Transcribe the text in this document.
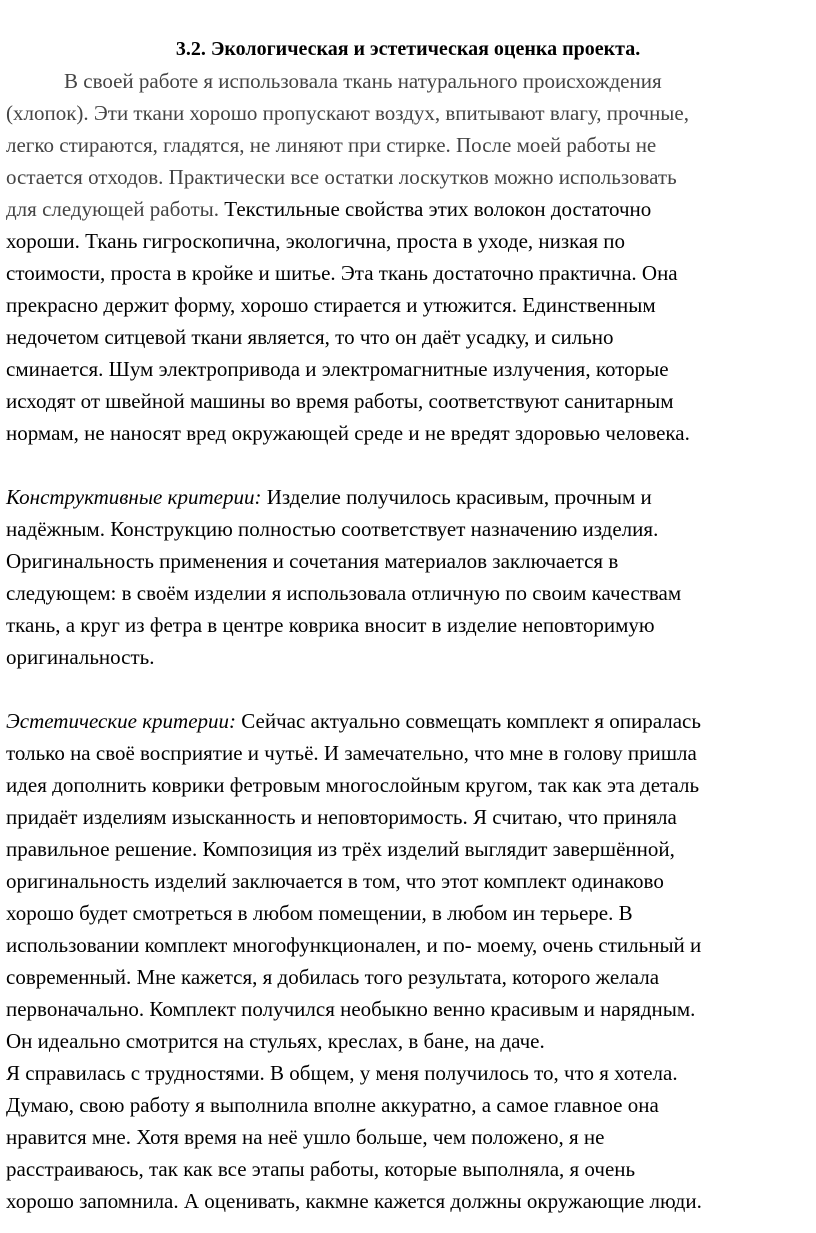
3.2. Экологическая и эстетическая оценка проекта.
В своей работе я использовала ткань натурального происхождения
(хлопок). Эти ткани хорошо пропускают воздух, впитывают влагу, прочные,
легко стираются, гладятся, не линяют при стирке. После моей работы не
остается отходов. Практически все остатки лоскутков можно использовать
для следующей работы. Текстильные свойства этих волокон достаточно
хороши. Ткань гигроскопична, экологична, проста в уходе, низкая по
стоимости, проста в кройке и шитье. Эта ткань достаточно практична. Она
прекрасно держит форму, хорошо стирается и утюжится. Единственным
недочетом ситцевой ткани является, то что он даёт усадку, и сильно
сминается. Шум электропривода и электромагнитные излучения, которые
исходят от швейной машины во время работы, соответствуют санитарным
нормам, не наносят вред окружающей среде и не вредят здоровью человека.
Конструктивные критерии: Изделие получилось красивым, прочным и
надёжным. Конструкцию полностью соответствует назначению изделия.
Оригинальность применения и сочетания материалов заключается в
следующем: в своём изделии я использовала отличную по своим качествам
ткань, а круг из фетра в центре коврика вносит в изделие неповторимую
оригинальность.
Эстетические критерии: Сейчас актуально совмещать комплект я опиралась
только на своё восприятие и чутьё. И замечательно, что мне в голову пришла
идея дополнить коврики фетровым многослойным кругом, так как эта деталь
придаёт изделиям изысканность и неповторимость. Я считаю, что приняла
правильное решение. Композиция из трёх изделий выглядит завершённой,
оригинальность изделий заключается в том, что этот комплект одинаково
хорошо будет смотреться в любом помещении, в любом ин терьере. В
использовании комплект многофункционален, и по- моему, очень стильный и
современный. Мне кажется, я добилась того результата, которого желала
первоначально. Комплект получился необыкно венно красивым и нарядным.
Он идеально смотрится на стульях, креслах, в бане, на даче.
Я справилась с трудностями. В общем, у меня получилось то, что я хотела.
Думаю, свою работу я выполнила вполне аккуратно, а самое главное она
нравится мне. Хотя время на неё ушло больше, чем положено, я не
расстраиваюсь, так как все этапы работы, которые выполняла, я очень
хорошо запомнила. А оценивать, какмне кажется должны окружающие люди.
